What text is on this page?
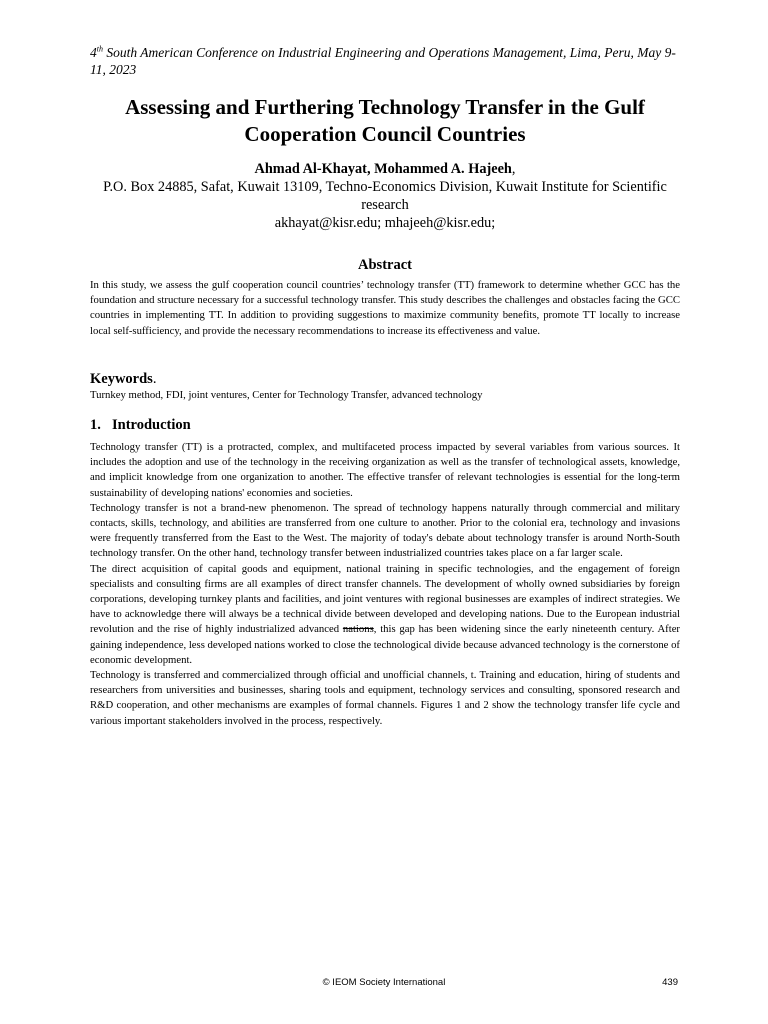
4th South American Conference on Industrial Engineering and Operations Management, Lima, Peru, May 9-11, 2023
Assessing and Furthering Technology Transfer in the Gulf Cooperation Council Countries
Ahmad Al-Khayat, Mohammed A. Hajeeh,
P.O. Box 24885, Safat, Kuwait 13109, Techno-Economics Division, Kuwait Institute for Scientific research
akhayat@kisr.edu; mhajeeh@kisr.edu;
Abstract
In this study, we assess the gulf cooperation council countries’ technology transfer (TT) framework to determine whether GCC has the foundation and structure necessary for a successful technology transfer. This study describes the challenges and obstacles facing the GCC countries in implementing TT. In addition to providing suggestions to maximize community benefits, promote TT locally to increase local self-sufficiency, and provide the necessary recommendations to increase its effectiveness and value.
Keywords.
Turnkey method, FDI, joint ventures, Center for Technology Transfer, advanced technology
1. Introduction

Technology transfer (TT) is a protracted, complex, and multifaceted process impacted by several variables from various sources. It includes the adoption and use of the technology in the receiving organization as well as the transfer of technological assets, knowledge, and implicit knowledge from one organization to another. The effective transfer of relevant technologies is essential for the long-term sustainability of developing nations' economies and societies.

Technology transfer is not a brand-new phenomenon. The spread of technology happens naturally through commercial and military contacts, skills, technology, and abilities are transferred from one culture to another. Prior to the colonial era, technology and invasions were frequently transferred from the East to the West. The majority of today's debate about technology transfer is around North-South technology transfer. On the other hand, technology transfer between industrialized countries takes place on a far larger scale.

The direct acquisition of capital goods and equipment, national training in specific technologies, and the engagement of foreign specialists and consulting firms are all examples of direct transfer channels. The development of wholly owned subsidiaries by foreign corporations, developing turnkey plants and facilities, and joint ventures with regional businesses are examples of indirect strategies. We have to acknowledge there will always be a technical divide between developed and developing nations. Due to the European industrial revolution and the rise of highly industrialized advanced nations, this gap has been widening since the early nineteenth century. After gaining independence, less developed nations worked to close the technological divide because advanced technology is the cornerstone of economic development.

Technology is transferred and commercialized through official and unofficial channels, t. Training and education, hiring of students and researchers from universities and businesses, sharing tools and equipment, technology services and consulting, sponsored research and R&D cooperation, and other mechanisms are examples of formal channels. Figures 1 and 2 show the technology transfer life cycle and various important stakeholders involved in the process, respectively.

© IEOM Society International	439
